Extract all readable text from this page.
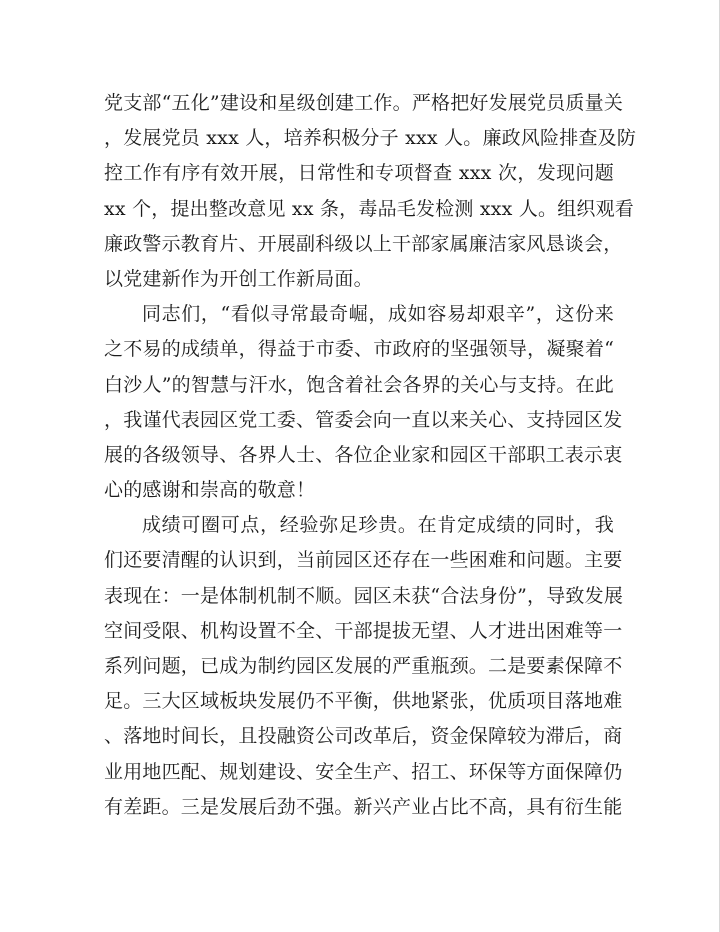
党支部“五化”建设和星级创建工作。严格把好发展党员质量关
，发展党员 xxx 人，培养积极分子 xxx 人。廉政风险排查及防
控工作有序有效开展，日常性和专项督查 xxx 次，发现问题
xx 个，提出整改意见 xx 条，毒品毛发检测 xxx 人。组织观看
廉政警示教育片、开展副科级以上干部家属廉洁家风恳谈会，
以党建新作为开创工作新局面。
同志们，“看似寻常最奇崛，成如容易却艰辛”，这份来
之不易的成绩单，得益于市委、市政府的坚强领导，凝聚着“
白沙人”的智慧与汗水，饱含着社会各界的关心与支持。在此
，我谨代表园区党工委、管委会向一直以来关心、支持园区发
展的各级领导、各界人士、各位企业家和园区干部职工表示衷
心的感谢和崇高的敬意！
成绩可圈可点，经验弥足珍贵。在肯定成绩的同时，我
们还要清醒的认识到，当前园区还存在一些困难和问题。主要
表现在：一是体制机制不顺。园区未获“合法身份”，导致发展
空间受限、机构设置不全、干部提拔无望、人才进出困难等一
系列问题，已成为制约园区发展的严重瓶颈。二是要素保障不
足。三大区域板块发展仍不平衡，供地紧张，优质项目落地难
、落地时间长，且投融资公司改革后，资金保障较为滞后，商
业用地匹配、规划建设、安全生产、招工、环保等方面保障仍
有差距。三是发展后劲不强。新兴产业占比不高，具有衍生能
